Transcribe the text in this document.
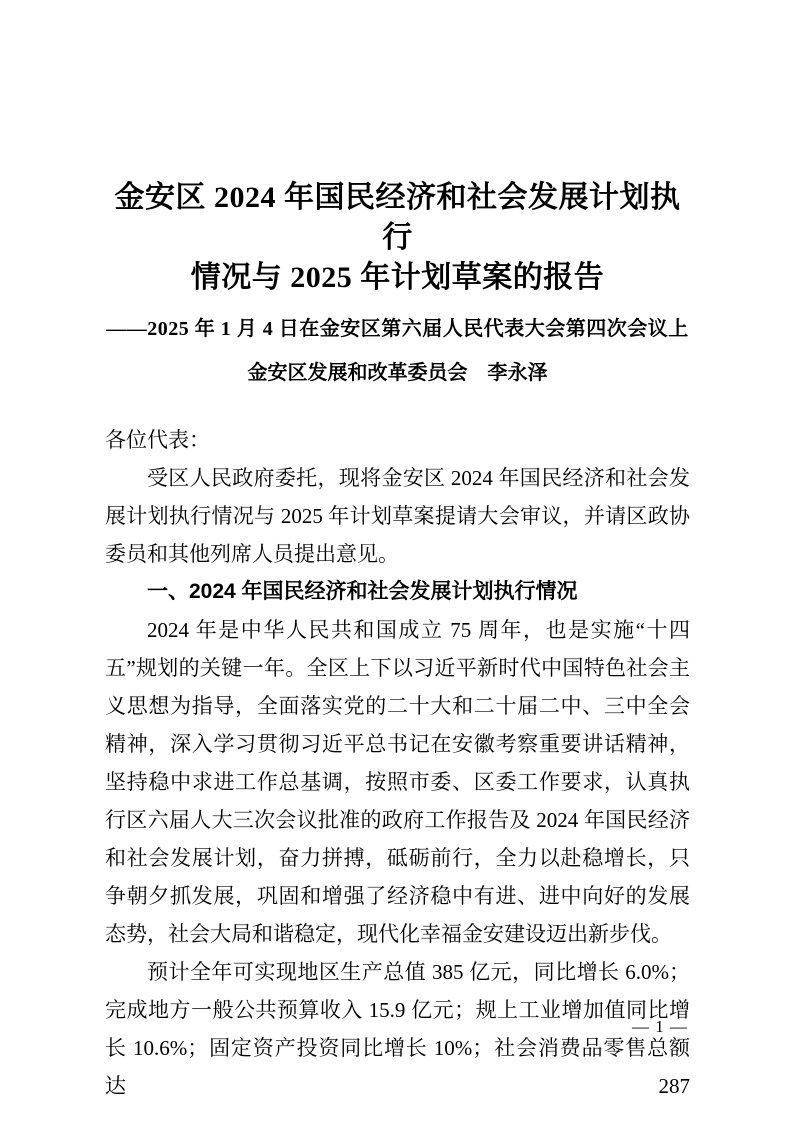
金安区 2024 年国民经济和社会发展计划执行
情况与 2025 年计划草案的报告
——2025 年 1 月 4 日在金安区第六届人民代表大会第四次会议上
金安区发展和改革委员会　李永泽

各位代表：

受区人民政府委托，现将金安区 2024 年国民经济和社会发展计划执行情况与 2025 年计划草案提请大会审议，并请区政协委员和其他列席人员提出意见。

一、2024 年国民经济和社会发展计划执行情况

2024 年是中华人民共和国成立 75 周年，也是实施“十四五”规划的关键一年。全区上下以习近平新时代中国特色社会主义思想为指导，全面落实党的二十大和二十届二中、三中全会精神，深入学习贯彻习近平总书记在安徽考察重要讲话精神，坚持稳中求进工作总基调，按照市委、区委工作要求，认真执行区六届人大三次会议批准的政府工作报告及 2024 年国民经济和社会发展计划，奋力拼搏，砥砺前行，全力以赴稳增长，只争朝夕抓发展，巩固和增强了经济稳中有进、进中向好的发展态势，社会大局和谐稳定，现代化幸福金安建设迈出新步伐。

预计全年可实现地区生产总值 385 亿元，同比增长 6.0%；完成地方一般公共预算收入 15.9 亿元；规上工业增加值同比增长 10.6%；固定资产投资同比增长 10%；社会消费品零售总额达 287

— 1 —
